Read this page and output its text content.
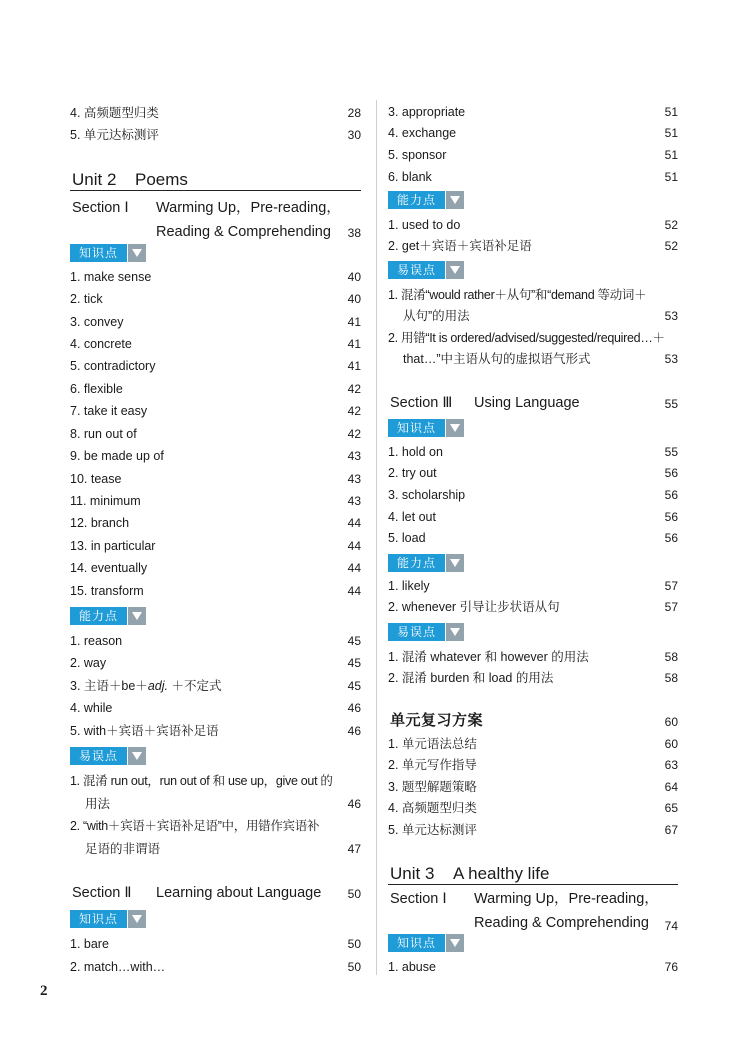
4. 高频题型归类	28
5. 单元达标测评	30
Unit 2 Poems
Section Ⅰ Warming Up，Pre-reading，
Reading & Comprehending 38
知识点
1. make sense	40
2. tick	40
3. convey	41
4. concrete	41
5. contradictory	41
6. flexible	42
7. take it easy	42
8. run out of	42
9. be made up of	43
10. tease	43
11. minimum	43
12. branch	44
13. in particular	44
14. eventually	44
15. transform	44
能力点
1. reason	45
2. way	45
3. 主语＋be＋adj. ＋不定式	45
4. while	46
5. with＋宾语＋宾语补足语	46
易误点
1. 混淆 run out，run out of 和 use up，give out 的
用法	46
2. “with＋宾语＋宾语补足语”中，用错作宾语补
足语的非谓语	47
Section Ⅱ Learning about Language 50
知识点
1. bare	50
2. match…with…	50
3. appropriate	51
4. exchange	51
5. sponsor	51
6. blank	51
能力点
1. used to do	52
2. get＋宾语＋宾语补足语	52
易误点
1. 混淆“would rather＋从句”和“demand 等动词＋
从句”的用法	53
2. 用错“It is ordered/advised/suggested/required…＋
that…”中主语从句的虚拟语气形式	53
Section Ⅲ Using Language	55
知识点
1. hold on	55
2. try out	56
3. scholarship	56
4. let out	56
5. load	56
能力点
1. likely	57
2. whenever 引导让步状语从句	57
易误点
1. 混淆 whatever 和 however 的用法	58
2. 混淆 burden 和 load 的用法	58
单元复习方案	60
1. 单元语法总结	60
2. 单元写作指导	63
3. 题型解题策略	64
4. 高频题型归类	65
5. 单元达标测评	67
Unit 3 A healthy life
Section Ⅰ Warming Up，Pre-reading，
Reading & Comprehending 74
知识点
1. abuse	76
2
